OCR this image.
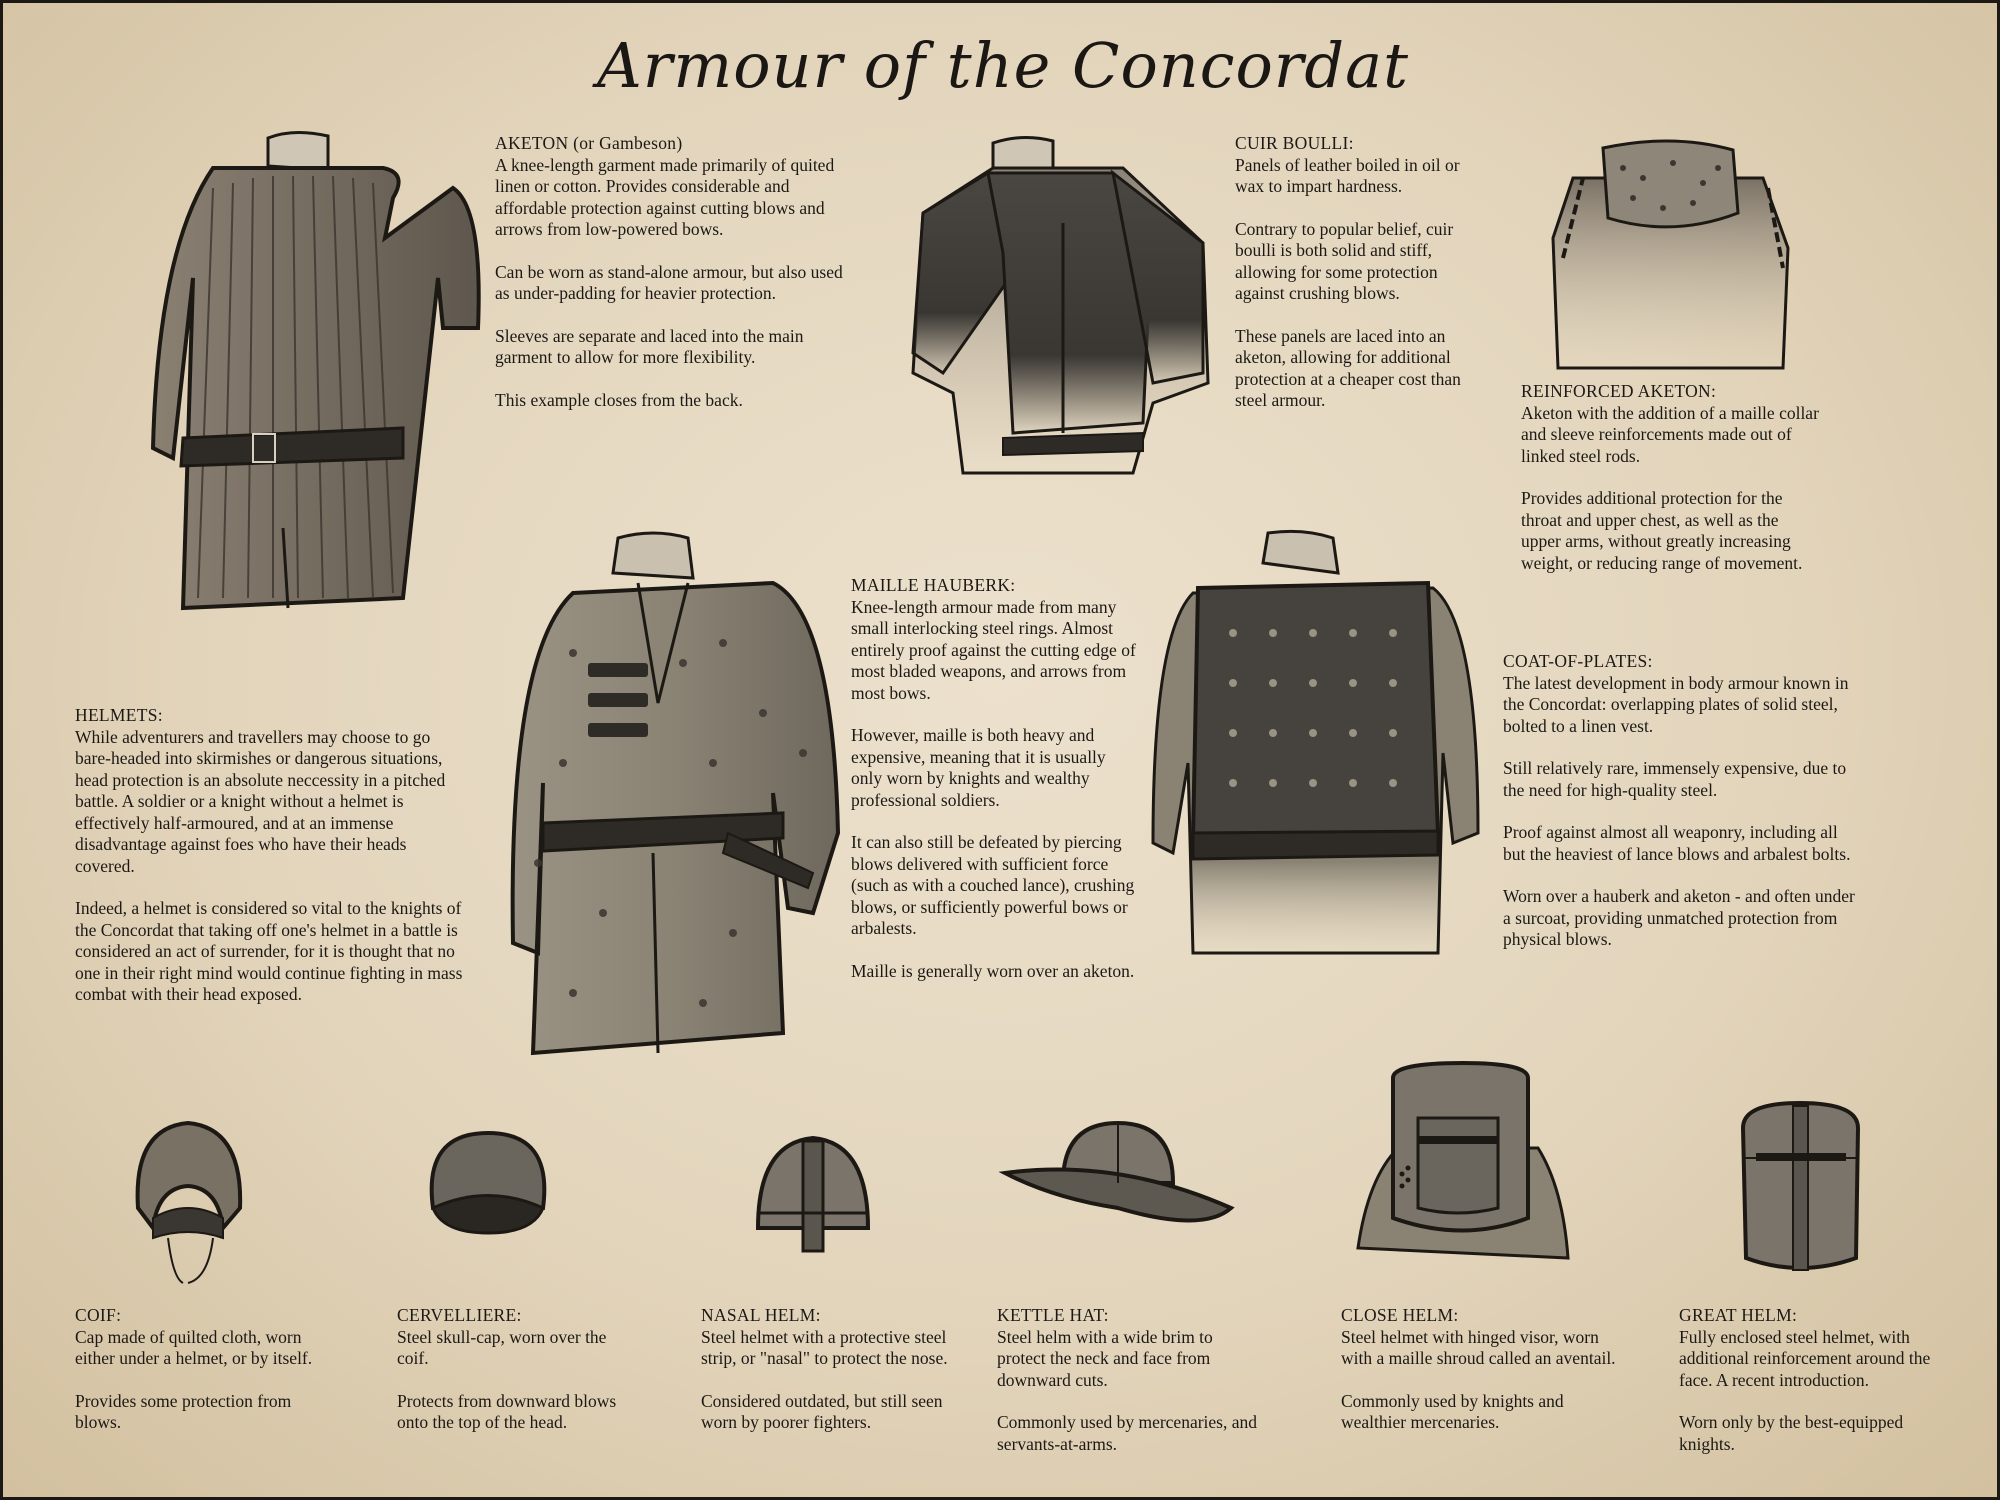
Armour of the Concordat
AKETON (or Gambeson)

A knee-length garment made primarily of quited linen or cotton. Provides considerable and affordable protection against cutting blows and arrows from low-powered bows.

Can be worn as stand-alone armour, but also used as under-padding for heavier protection.

Sleeves are separate and laced into the main garment to allow for more flexibility.

This example closes from the back.

CUIR BOULLI:

Panels of leather boiled in oil or wax to impart hardness.

Contrary to popular belief, cuir boulli is both solid and stiff, allowing for some protection against crushing blows.

These panels are laced into an aketon, allowing for additional protection at a cheaper cost than steel armour.	REINFORCED AKETON:

Aketon with the addition of a maille collar and sleeve reinforcements made out of linked steel rods.

Provides additional protection for the throat and upper chest, as well as the upper arms, without greatly increasing weight, or reducing range of movement.

MAILLE HAUBERK:

Knee-length armour made from many small interlocking steel rings. Almost entirely proof against the cutting edge of most bladed weapons, and arrows from most bows.

However, maille is both heavy and expensive, meaning that it is usually only worn by knights and wealthy professional soldiers.

It can also still be defeated by piercing blows delivered with sufficient force (such as with a couched lance), crushing blows, or sufficiently powerful bows or arbalests.

Maille is generally worn over an aketon.

COAT-OF-PLATES:

The latest development in body armour known in the Concordat: overlapping plates of solid steel, bolted to a linen vest.

Still relatively rare, immensely expensive, due to the need for high-quality steel.

Proof against almost all weaponry, including all but the heaviest of lance blows and arbalest bolts.

Worn over a hauberk and aketon - and often under a surcoat, providing unmatched protection from physical blows.

HELMETS:

While adventurers and travellers may choose to go bare-headed into skirmishes or dangerous situations, head protection is an absolute neccessity in a pitched battle. A soldier or a knight without a helmet is effectively half-armoured, and at an immense disadvantage against foes who have their heads covered.

Indeed, a helmet is considered so vital to the knights of the Concordat that taking off one's helmet in a battle is considered an act of surrender, for it is thought that no one in their right mind would continue fighting in mass combat with their head exposed.

COIF:

Cap made of quilted cloth, worn either under a helmet, or by itself.

Provides some protection from blows.

CERVELLIERE:

Steel skull-cap, worn over the coif.

Protects from downward blows onto the top of the head.

NASAL HELM:

Steel helmet with a protective steel strip, or "nasal" to protect the nose.

Considered outdated, but still seen worn by poorer fighters.

KETTLE HAT:

Steel helm with a wide brim to protect the neck and face from downward cuts.

Commonly used by mercenaries, and servants-at-arms.

CLOSE HELM:

Steel helmet with hinged visor, worn with a maille shroud called an aventail.

Commonly used by knights and wealthier mercenaries.

GREAT HELM:

Fully enclosed steel helmet, with additional reinforcement around the face. A recent introduction.

Worn only by the best-equipped knights.
